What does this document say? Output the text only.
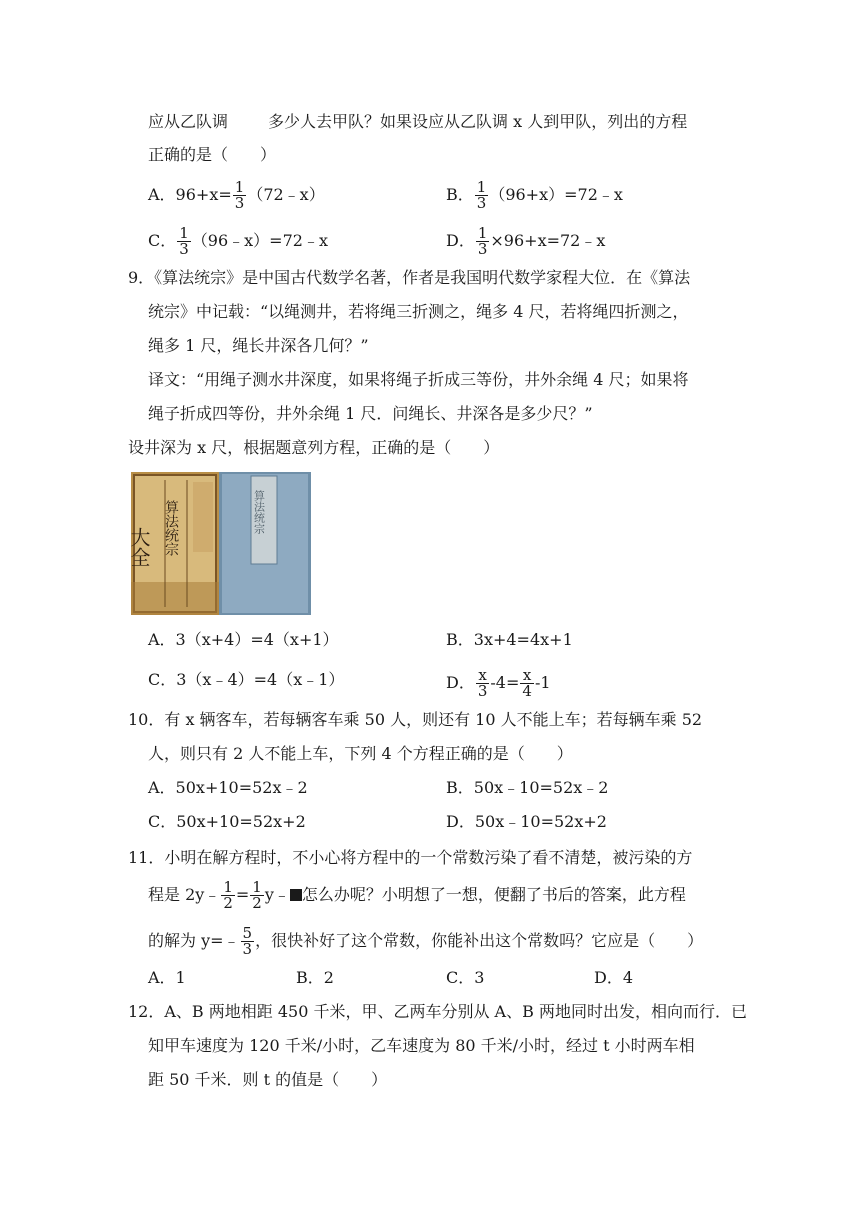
应从乙队调	多少人去甲队？如果设应从乙队调 x 人到甲队，列出的方程
正确的是（　　）
A．$96+x= \frac{1}{3}$ （72﹣x）	B． $\frac{1}{3}$ （96+x）=72﹣x
C． $\frac{1}{3}$ （96﹣x）=72﹣x	D． $\frac{1}{3}$ ×96+x=72﹣x
9．《算法统宗》是中国古代数学名著，作者是我国明代数学家程大位．在《算法
统宗》中记载：“以绳测井，若将绳三折测之，绳多 4 尺，若将绳四折测之，
绳多 1 尺，绳长井深各几何？”
译文：“用绳子测水井深度，如果将绳子折成三等份，井外余绳 4 尺；如果将
绳子折成四等份，井外余绳 1 尺．问绳长、井深各是多少尺？”
设井深为 x 尺，根据题意列方程，正确的是（　　）
大全 算法统宗	算法统宗
A．3（x+4）=4（x+1）	B．3x+4=4x+1
C．3（x﹣4）=4（x﹣1）	D． $\frac{x}{3} -4= \frac{x}{4} -1$
10．有 x 辆客车，若每辆客车乘 50 人，则还有 10 人不能上车；若每辆车乘 52
人，则只有 2 人不能上车，下列 4 个方程正确的是（　　）
A．50x+10=52x﹣2	B．50x﹣10=52x﹣2
C．50x+10=52x+2	D．50x﹣10=52x+2
11．小明在解方程时，不小心将方程中的一个常数污染了看不清楚，被污染的方
程是 2y﹣ $\frac{1}{2} = \frac{1}{2}$ y﹣ 怎么办呢？小明想了一想，便翻了书后的答案，此方程
的解为 y=﹣ $\frac{5}{3}$ ，很快补好了这个常数，你能补出这个常数吗？它应是（　　）
A．1	B．2	C．3	D．4
12．A、B 两地相距 450 千米，甲、乙两车分别从 A、B 两地同时出发，相向而行．已
知甲车速度为 120 千米/小时，乙车速度为 80 千米/小时，经过 t 小时两车相
距 50 千米．则 t 的值是（　　）
